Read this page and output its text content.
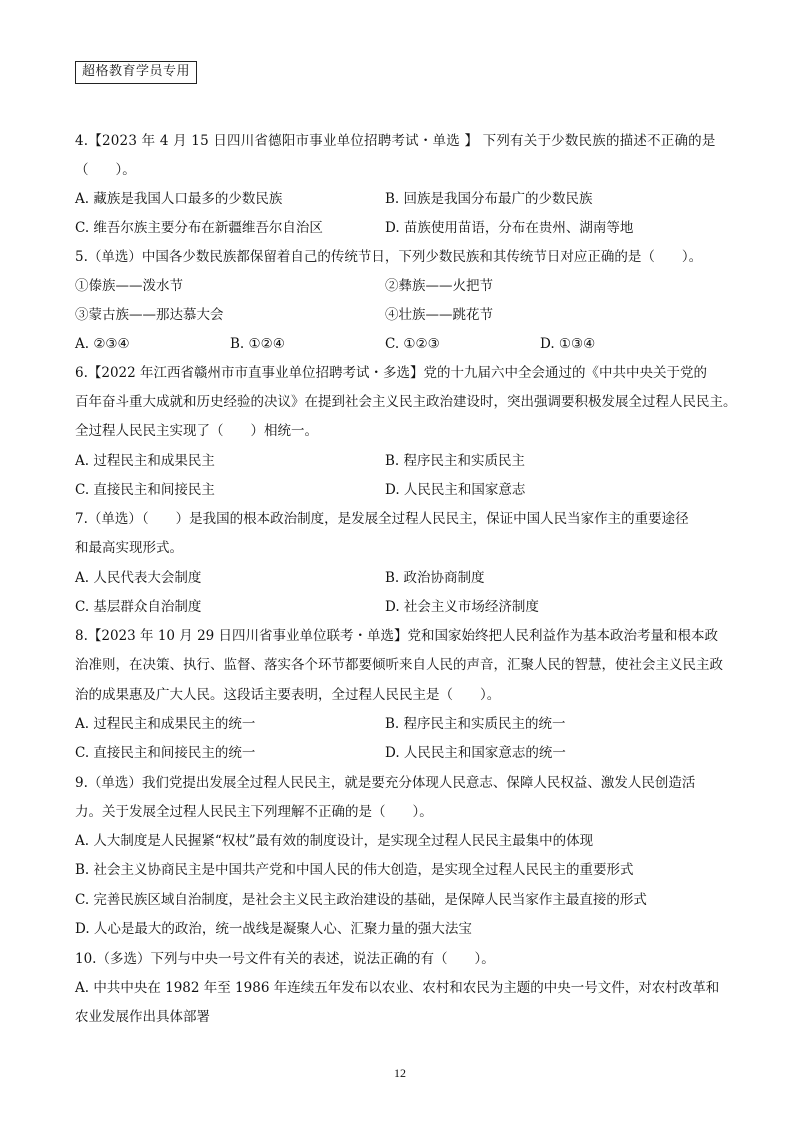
超格教育学员专用
4.【2023 年 4 月 15 日四川省德阳市事业单位招聘考试・单选 】 下列有关于少数民族的描述不正确的是
（　　）。
A. 藏族是我国人口最多的少数民族	B. 回族是我国分布最广的少数民族
C. 维吾尔族主要分布在新疆维吾尔自治区	D. 苗族使用苗语，分布在贵州、湖南等地
5.（单选）中国各少数民族都保留着自己的传统节日，下列少数民族和其传统节日对应正确的是（　　）。
①傣族——泼水节	②彝族——火把节
③蒙古族——那达慕大会	④壮族——跳花节
A. ②③④	B. ①②④	C. ①②③	D. ①③④
6.【2022 年江西省赣州市市直事业单位招聘考试・多选】党的十九届六中全会通过的《中共中央关于党的
百年奋斗重大成就和历史经验的决议》在提到社会主义民主政治建设时，突出强调要积极发展全过程人民民主。
全过程人民民主实现了（　　）相统一。
A. 过程民主和成果民主	B. 程序民主和实质民主
C. 直接民主和间接民主	D. 人民民主和国家意志
7.（单选）（　　）是我国的根本政治制度，是发展全过程人民民主，保证中国人民当家作主的重要途径
和最高实现形式。
A. 人民代表大会制度	B. 政治协商制度
C. 基层群众自治制度	D. 社会主义市场经济制度
8.【2023 年 10 月 29 日四川省事业单位联考・单选】党和国家始终把人民利益作为基本政治考量和根本政
治准则，在决策、执行、监督、落实各个环节都要倾听来自人民的声音，汇聚人民的智慧，使社会主义民主政
治的成果惠及广大人民。这段话主要表明，全过程人民民主是（　　）。
A. 过程民主和成果民主的统一	B. 程序民主和实质民主的统一
C. 直接民主和间接民主的统一	D. 人民民主和国家意志的统一
9.（单选）我们党提出发展全过程人民民主，就是要充分体现人民意志、保障人民权益、激发人民创造活
力。关于发展全过程人民民主下列理解不正确的是（　　）。
A. 人大制度是人民握紧“权杖”最有效的制度设计，是实现全过程人民民主最集中的体现
B. 社会主义协商民主是中国共产党和中国人民的伟大创造，是实现全过程人民民主的重要形式
C. 完善民族区域自治制度，是社会主义民主政治建设的基础，是保障人民当家作主最直接的形式
D. 人心是最大的政治，统一战线是凝聚人心、汇聚力量的强大法宝
10.（多选）下列与中央一号文件有关的表述，说法正确的有（　　）。
A. 中共中央在 1982 年至 1986 年连续五年发布以农业、农村和农民为主题的中央一号文件，对农村改革和
农业发展作出具体部署
12
